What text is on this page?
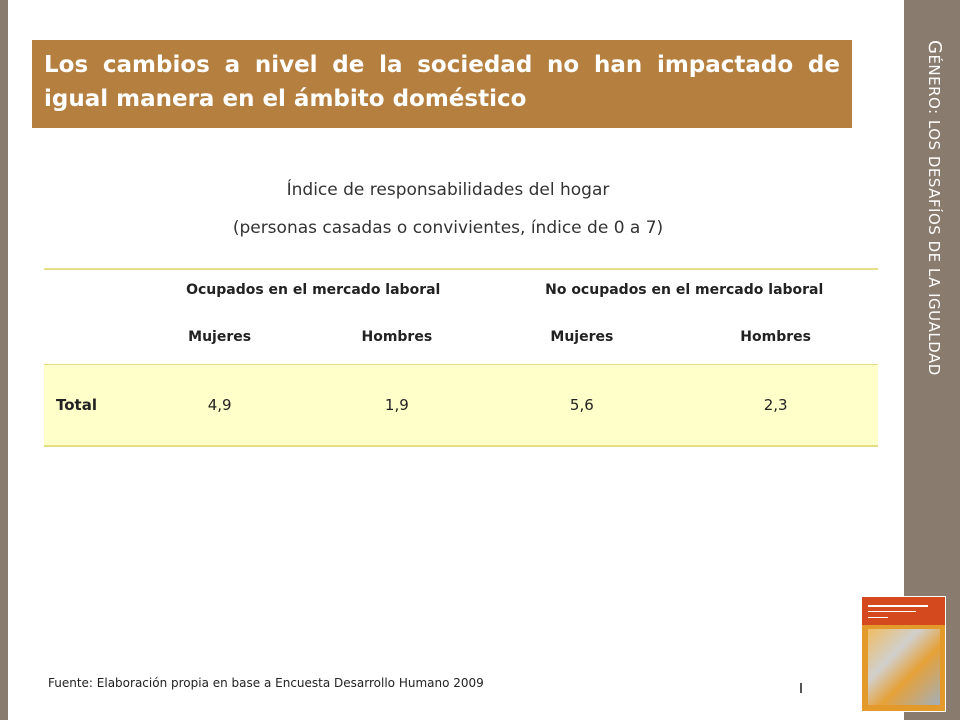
Los cambios a nivel de la sociedad no han impactado de igual manera en el ámbito doméstico

Índice de responsabilidades del hogar
(personas casadas o convivientes, índice de 0 a 7)
	Ocupados en el mercado laboral		No ocupados en el mercado laboral	
	Mujeres	Hombres	Mujeres	Hombres
Total	4,9	1,9	5,6	2,3
Fuente: Elaboración propia en base a Encuesta Desarrollo Humano 2009
GÉNERO: LOS DESAFÍOS DE LA IGUALDAD
